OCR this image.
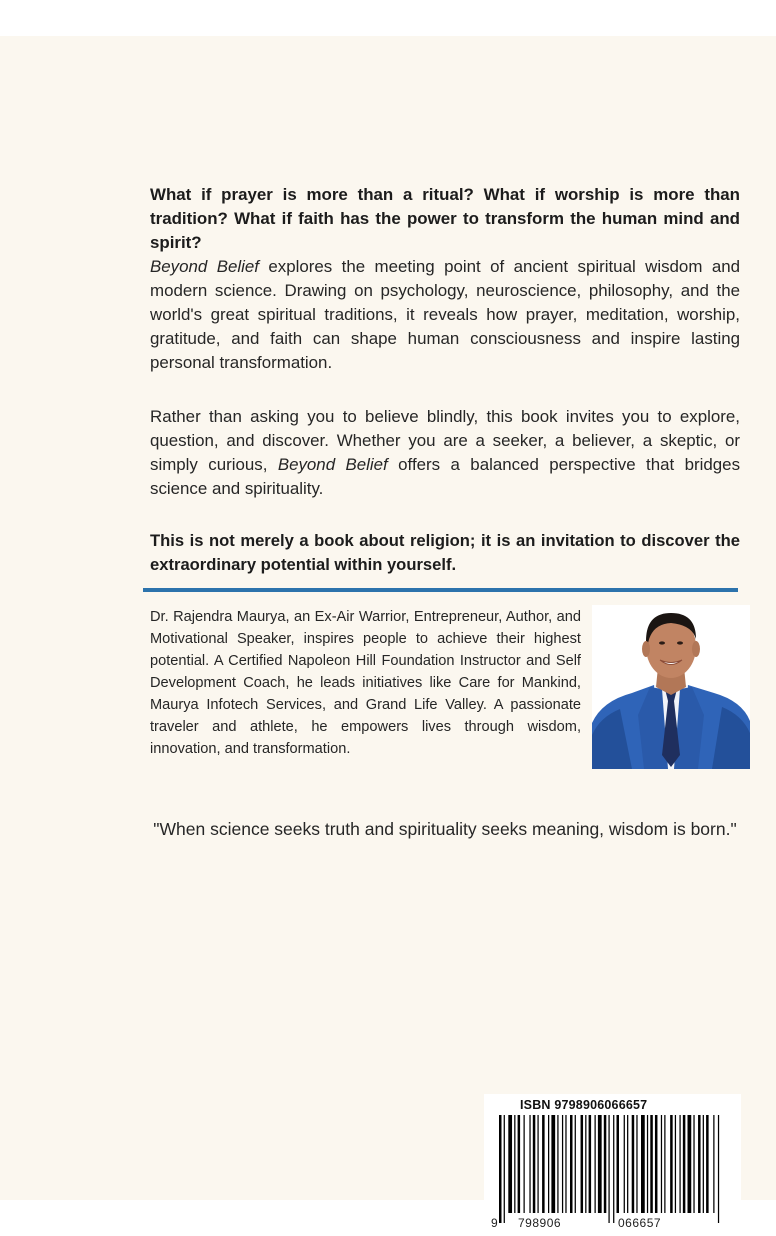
What if prayer is more than a ritual? What if worship is more than tradition? What if faith has the power to transform the human mind and spirit?

Beyond Belief explores the meeting point of ancient spiritual wisdom and modern science. Drawing on psychology, neuroscience, philosophy, and the world's great spiritual traditions, it reveals how prayer, meditation, worship, gratitude, and faith can shape human consciousness and inspire lasting personal transformation.

Rather than asking you to believe blindly, this book invites you to explore, question, and discover. Whether you are a seeker, a believer, a skeptic, or simply curious, Beyond Belief offers a balanced perspective that bridges science and spirituality.

This is not merely a book about religion; it is an invitation to discover the extraordinary potential within yourself.

Dr. Rajendra Maurya, an Ex-Air Warrior, Entrepreneur, Author, and Motivational Speaker, inspires people to achieve their highest potential. A Certified Napoleon Hill Foundation Instructor and Self Development Coach, he leads initiatives like Care for Mankind, Maurya Infotech Services, and Grand Life Valley. A passionate traveler and athlete, he empowers lives through wisdom, innovation, and transformation.

"When science seeks truth and spirituality seeks meaning, wisdom is born."

ISBN 9798906066657
9 798906	066657
